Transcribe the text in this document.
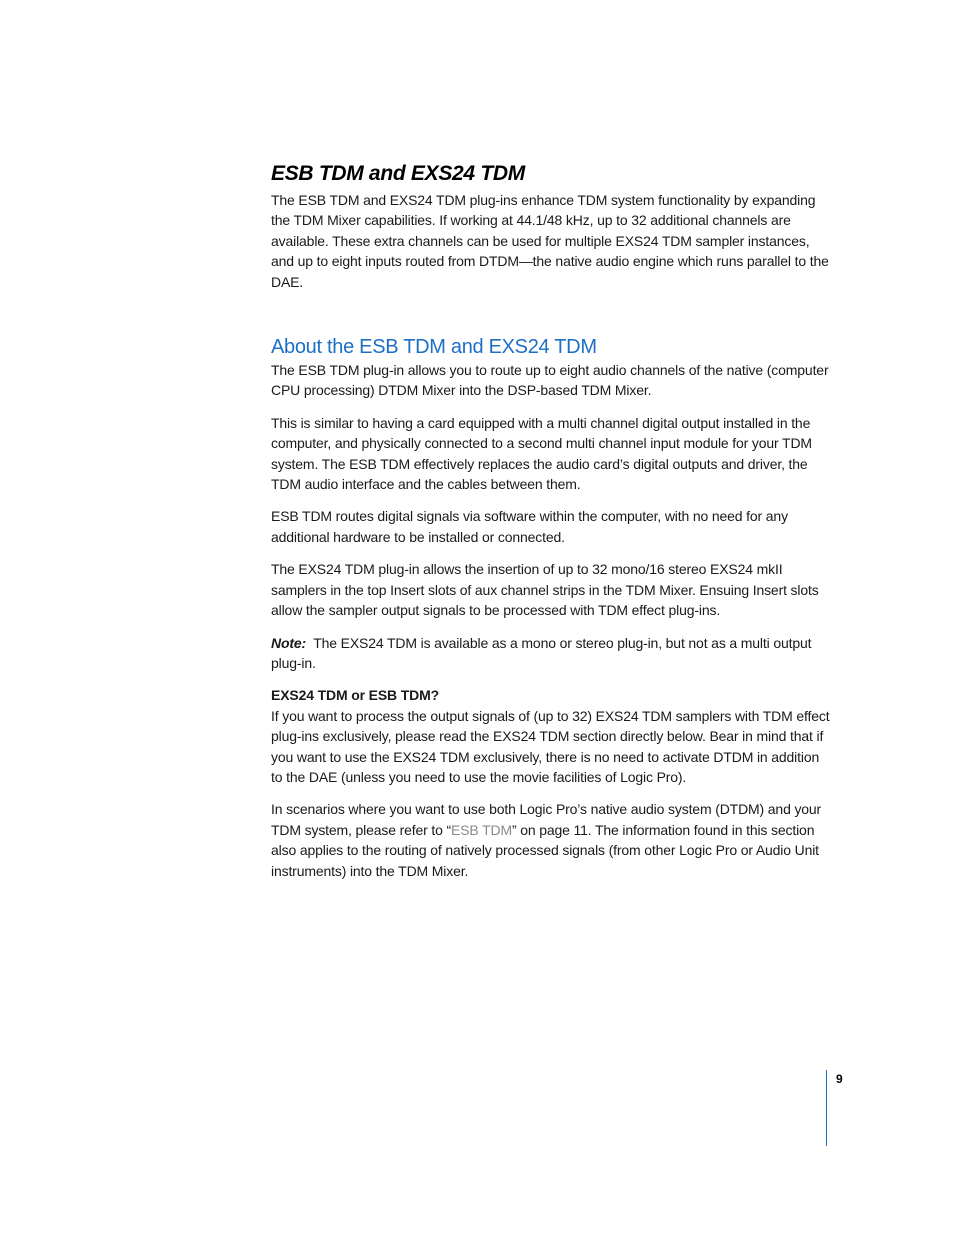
ESB TDM and EXS24 TDM

The ESB TDM and EXS24 TDM plug-ins enhance TDM system functionality by expanding the TDM Mixer capabilities. If working at 44.1/48 kHz, up to 32 additional channels are available. These extra channels can be used for multiple EXS24 TDM sampler instances, and up to eight inputs routed from DTDM—the native audio engine which runs parallel to the DAE.

About the ESB TDM and EXS24 TDM

The ESB TDM plug-in allows you to route up to eight audio channels of the native (computer CPU processing) DTDM Mixer into the DSP-based TDM Mixer.

This is similar to having a card equipped with a multi channel digital output installed in the computer, and physically connected to a second multi channel input module for your TDM system. The ESB TDM effectively replaces the audio card’s digital outputs and driver, the TDM audio interface and the cables between them.

ESB TDM routes digital signals via software within the computer, with no need for any additional hardware to be installed or connected.

The EXS24 TDM plug-in allows the insertion of up to 32 mono/16 stereo EXS24 mkII samplers in the top Insert slots of aux channel strips in the TDM Mixer. Ensuing Insert slots allow the sampler output signals to be processed with TDM effect plug-ins.

Note: The EXS24 TDM is available as a mono or stereo plug-in, but not as a multi output plug-in.

EXS24 TDM or ESB TDM?

If you want to process the output signals of (up to 32) EXS24 TDM samplers with TDM effect plug-ins exclusively, please read the EXS24 TDM section directly below. Bear in mind that if you want to use the EXS24 TDM exclusively, there is no need to activate DTDM in addition to the DAE (unless you need to use the movie facilities of Logic Pro).

In scenarios where you want to use both Logic Pro’s native audio system (DTDM) and your TDM system, please refer to “ESB TDM” on page 11. The information found in this section also applies to the routing of natively processed signals (from other Logic Pro or Audio Unit instruments) into the TDM Mixer.

9
